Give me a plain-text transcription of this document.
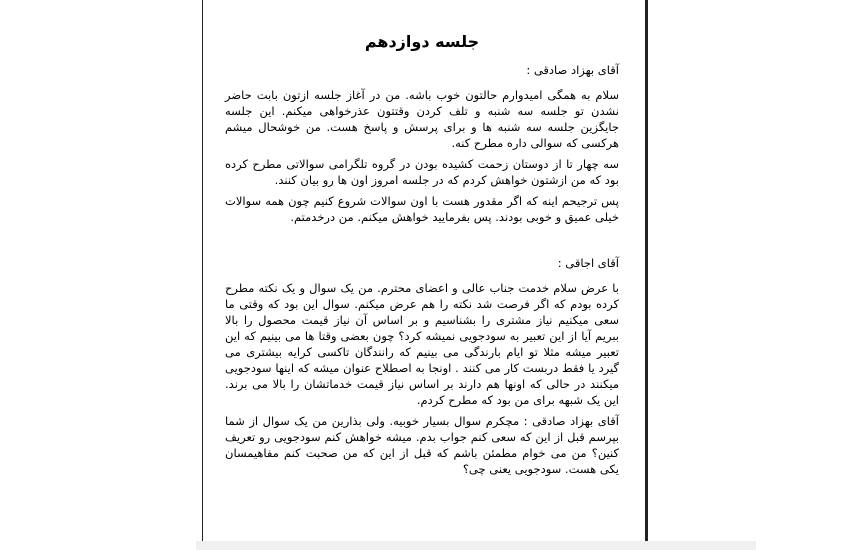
جلسه دوازدهم
آقای بهزاد صادقی :

سلام به همگی امیدوارم حالتون خوب باشه. من در آغاز جلسه ازتون بابت حاضر نشدن تو جلسه سه شنبه و تلف کردن وقتتون عذرخواهی میکنم. این جلسه جایگزین جلسه سه شنبه ها و برای پرسش و پاسخ هست. من خوشحال میشم هرکسی که سوالی داره مطرح کنه.

سه چهار تا از دوستان زحمت کشیده بودن در گروه تلگرامی سوالاتی مطرح کرده بود که من ازشتون خواهش کردم که در جلسه امروز اون ها رو بیان کنند.

پس ترجیحم اینه که اگر مقدور هست با اون سوالات شروع کنیم چون همه سوالات خیلی عمیق و خوبی بودند. پس بفرمایید خواهش میکنم. من درخدمتم.

آقای اجاقی :

با عرض سلام خدمت جناب عالی و اعضای محترم. من یک سوال و یک نکته مطرح کرده بودم که اگر فرصت شد نکته را هم عرض میکنم. سوال این بود که وقتی ما سعی میکنیم نیاز مشتری را بشناسیم و بر اساس آن نیاز قیمت محصول را بالا ببریم آیا از این تعبیر به سودجویی نمیشه کرد؟ چون بعضی وقتا ها می بینیم که این تعبیر میشه مثلا تو ایام بارندگی می بینیم که رانندگان تاکسی کرایه بیشتری می گیرد یا فقط دربست کار می کنند . اونجا به اصطلاح عنوان میشه که اینها سودجویی میکنند در حالی که اونها هم دارند بر اساس نیاز قیمت خدماتشان را بالا می برند. این یک شبهه برای من بود که مطرح کردم.

آقای بهزاد صادقی : مچکرم سوال بسیار خوبیه. ولی بذارین من یک سوال از شما بپرسم قبل از این که سعی کنم جواب بدم. میشه خواهش کنم سودجویی رو تعریف کنین؟ من می خوام مطمئن باشم که قبل از این که من صحبت کنم مفاهیمسان یکی هست. سودجویی یعنی چی؟
